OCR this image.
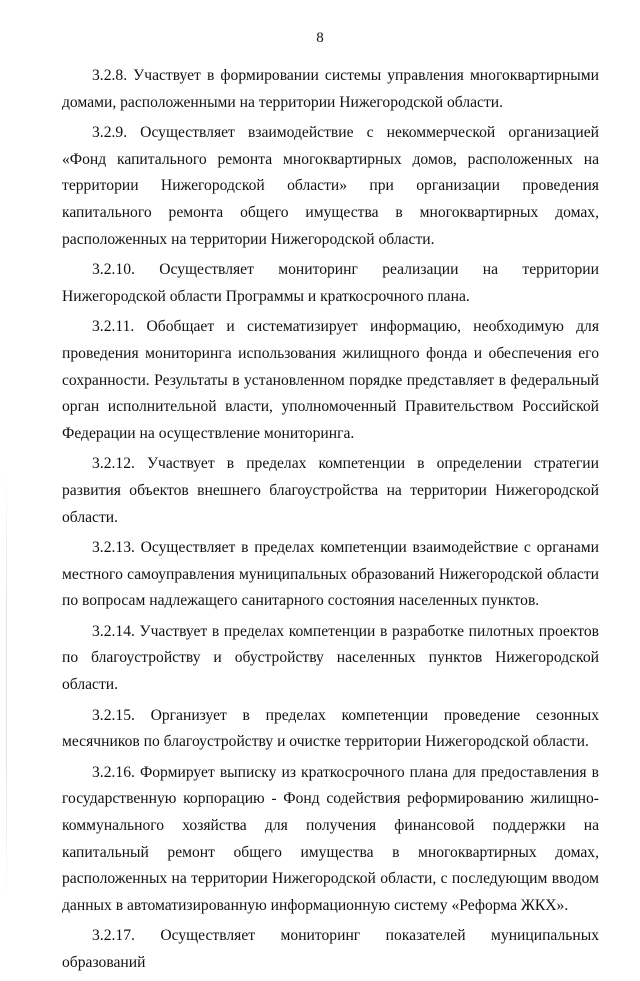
8

3.2.8. Участвует в формировании системы управления многоквартирными домами, расположенными на территории Нижегородской области.

3.2.9. Осуществляет взаимодействие с некоммерческой организацией «Фонд капитального ремонта многоквартирных домов, расположенных на территории Нижегородской области» при организации проведения капитального ремонта общего имущества в многоквартирных домах, расположенных на территории Нижегородской области.

3.2.10. Осуществляет мониторинг реализации на территории Нижегородской области Программы и краткосрочного плана.

3.2.11. Обобщает и систематизирует информацию, необходимую для проведения мониторинга использования жилищного фонда и обеспечения его сохранности. Результаты в установленном порядке представляет в федеральный орган исполнительной власти, уполномоченный Правительством Российской Федерации на осуществление мониторинга.

3.2.12. Участвует в пределах компетенции в определении стратегии развития объектов внешнего благоустройства на территории Нижегородской области.

3.2.13. Осуществляет в пределах компетенции взаимодействие с органами местного самоуправления муниципальных образований Нижегородской области по вопросам надлежащего санитарного состояния населенных пунктов.

3.2.14. Участвует в пределах компетенции в разработке пилотных проектов по благоустройству и обустройству населенных пунктов Нижегородской области.

3.2.15. Организует в пределах компетенции проведение сезонных месячников по благоустройству и очистке территории Нижегородской области.

3.2.16. Формирует выписку из краткосрочного плана для предоставления в государственную корпорацию - Фонд содействия реформированию жилищно-коммунального хозяйства для получения финансовой поддержки на капитальный ремонт общего имущества в многоквартирных домах, расположенных на территории Нижегородской области, с последующим вводом данных в автоматизированную информационную систему «Реформа ЖКХ».

3.2.17. Осуществляет мониторинг показателей муниципальных образований
